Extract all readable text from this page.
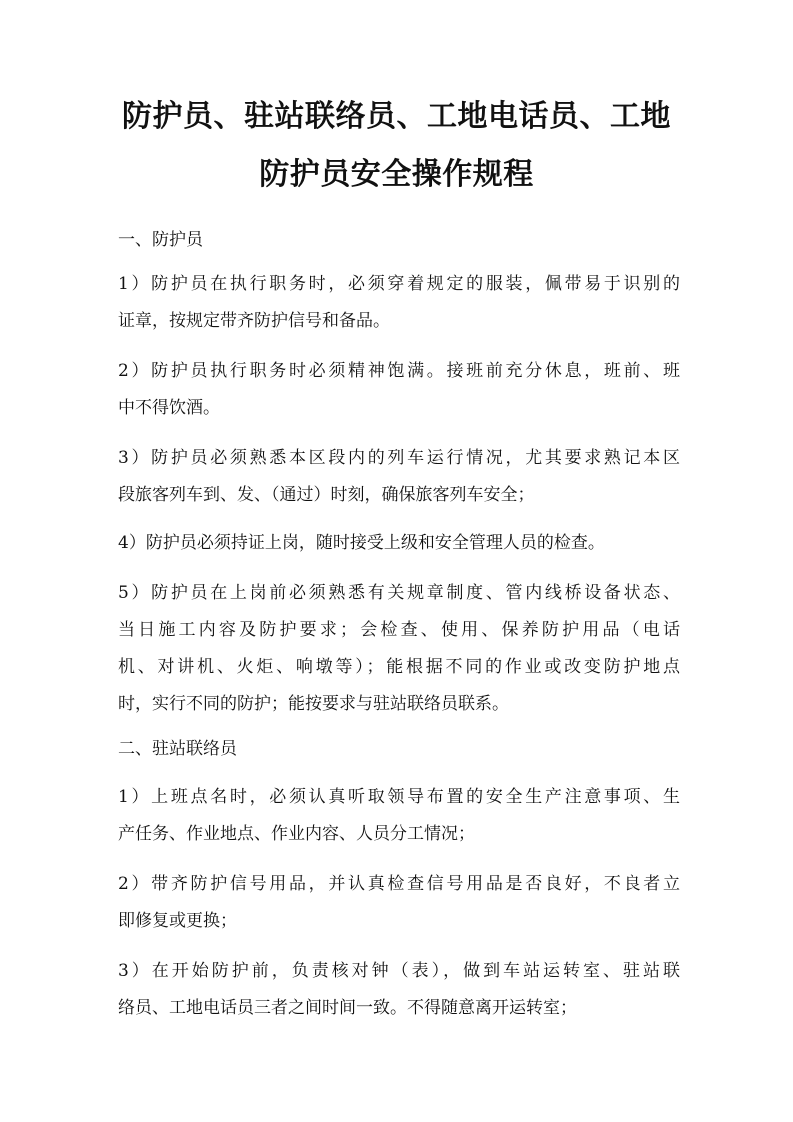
防护员、驻站联络员、工地电话员、工地
防护员安全操作规程
一、防护员
1）防护员在执行职务时，必须穿着规定的服装，佩带易于识别的
证章，按规定带齐防护信号和备品。
2）防护员执行职务时必须精神饱满。接班前充分休息，班前、班
中不得饮酒。
3）防护员必须熟悉本区段内的列车运行情况，尤其要求熟记本区
段旅客列车到、发、（通过）时刻，确保旅客列车安全；
4）防护员必须持证上岗，随时接受上级和安全管理人员的检查。
5）防护员在上岗前必须熟悉有关规章制度、管内线桥设备状态、
当日施工内容及防护要求；会检查、使用、保养防护用品（电话
机、对讲机、火炬、响墩等）；能根据不同的作业或改变防护地点
时，实行不同的防护；能按要求与驻站联络员联系。
二、驻站联络员
1）上班点名时，必须认真听取领导布置的安全生产注意事项、生
产任务、作业地点、作业内容、人员分工情况；
2）带齐防护信号用品，并认真检查信号用品是否良好，不良者立
即修复或更换；
3）在开始防护前，负责核对钟（表），做到车站运转室、驻站联
络员、工地电话员三者之间时间一致。不得随意离开运转室；
